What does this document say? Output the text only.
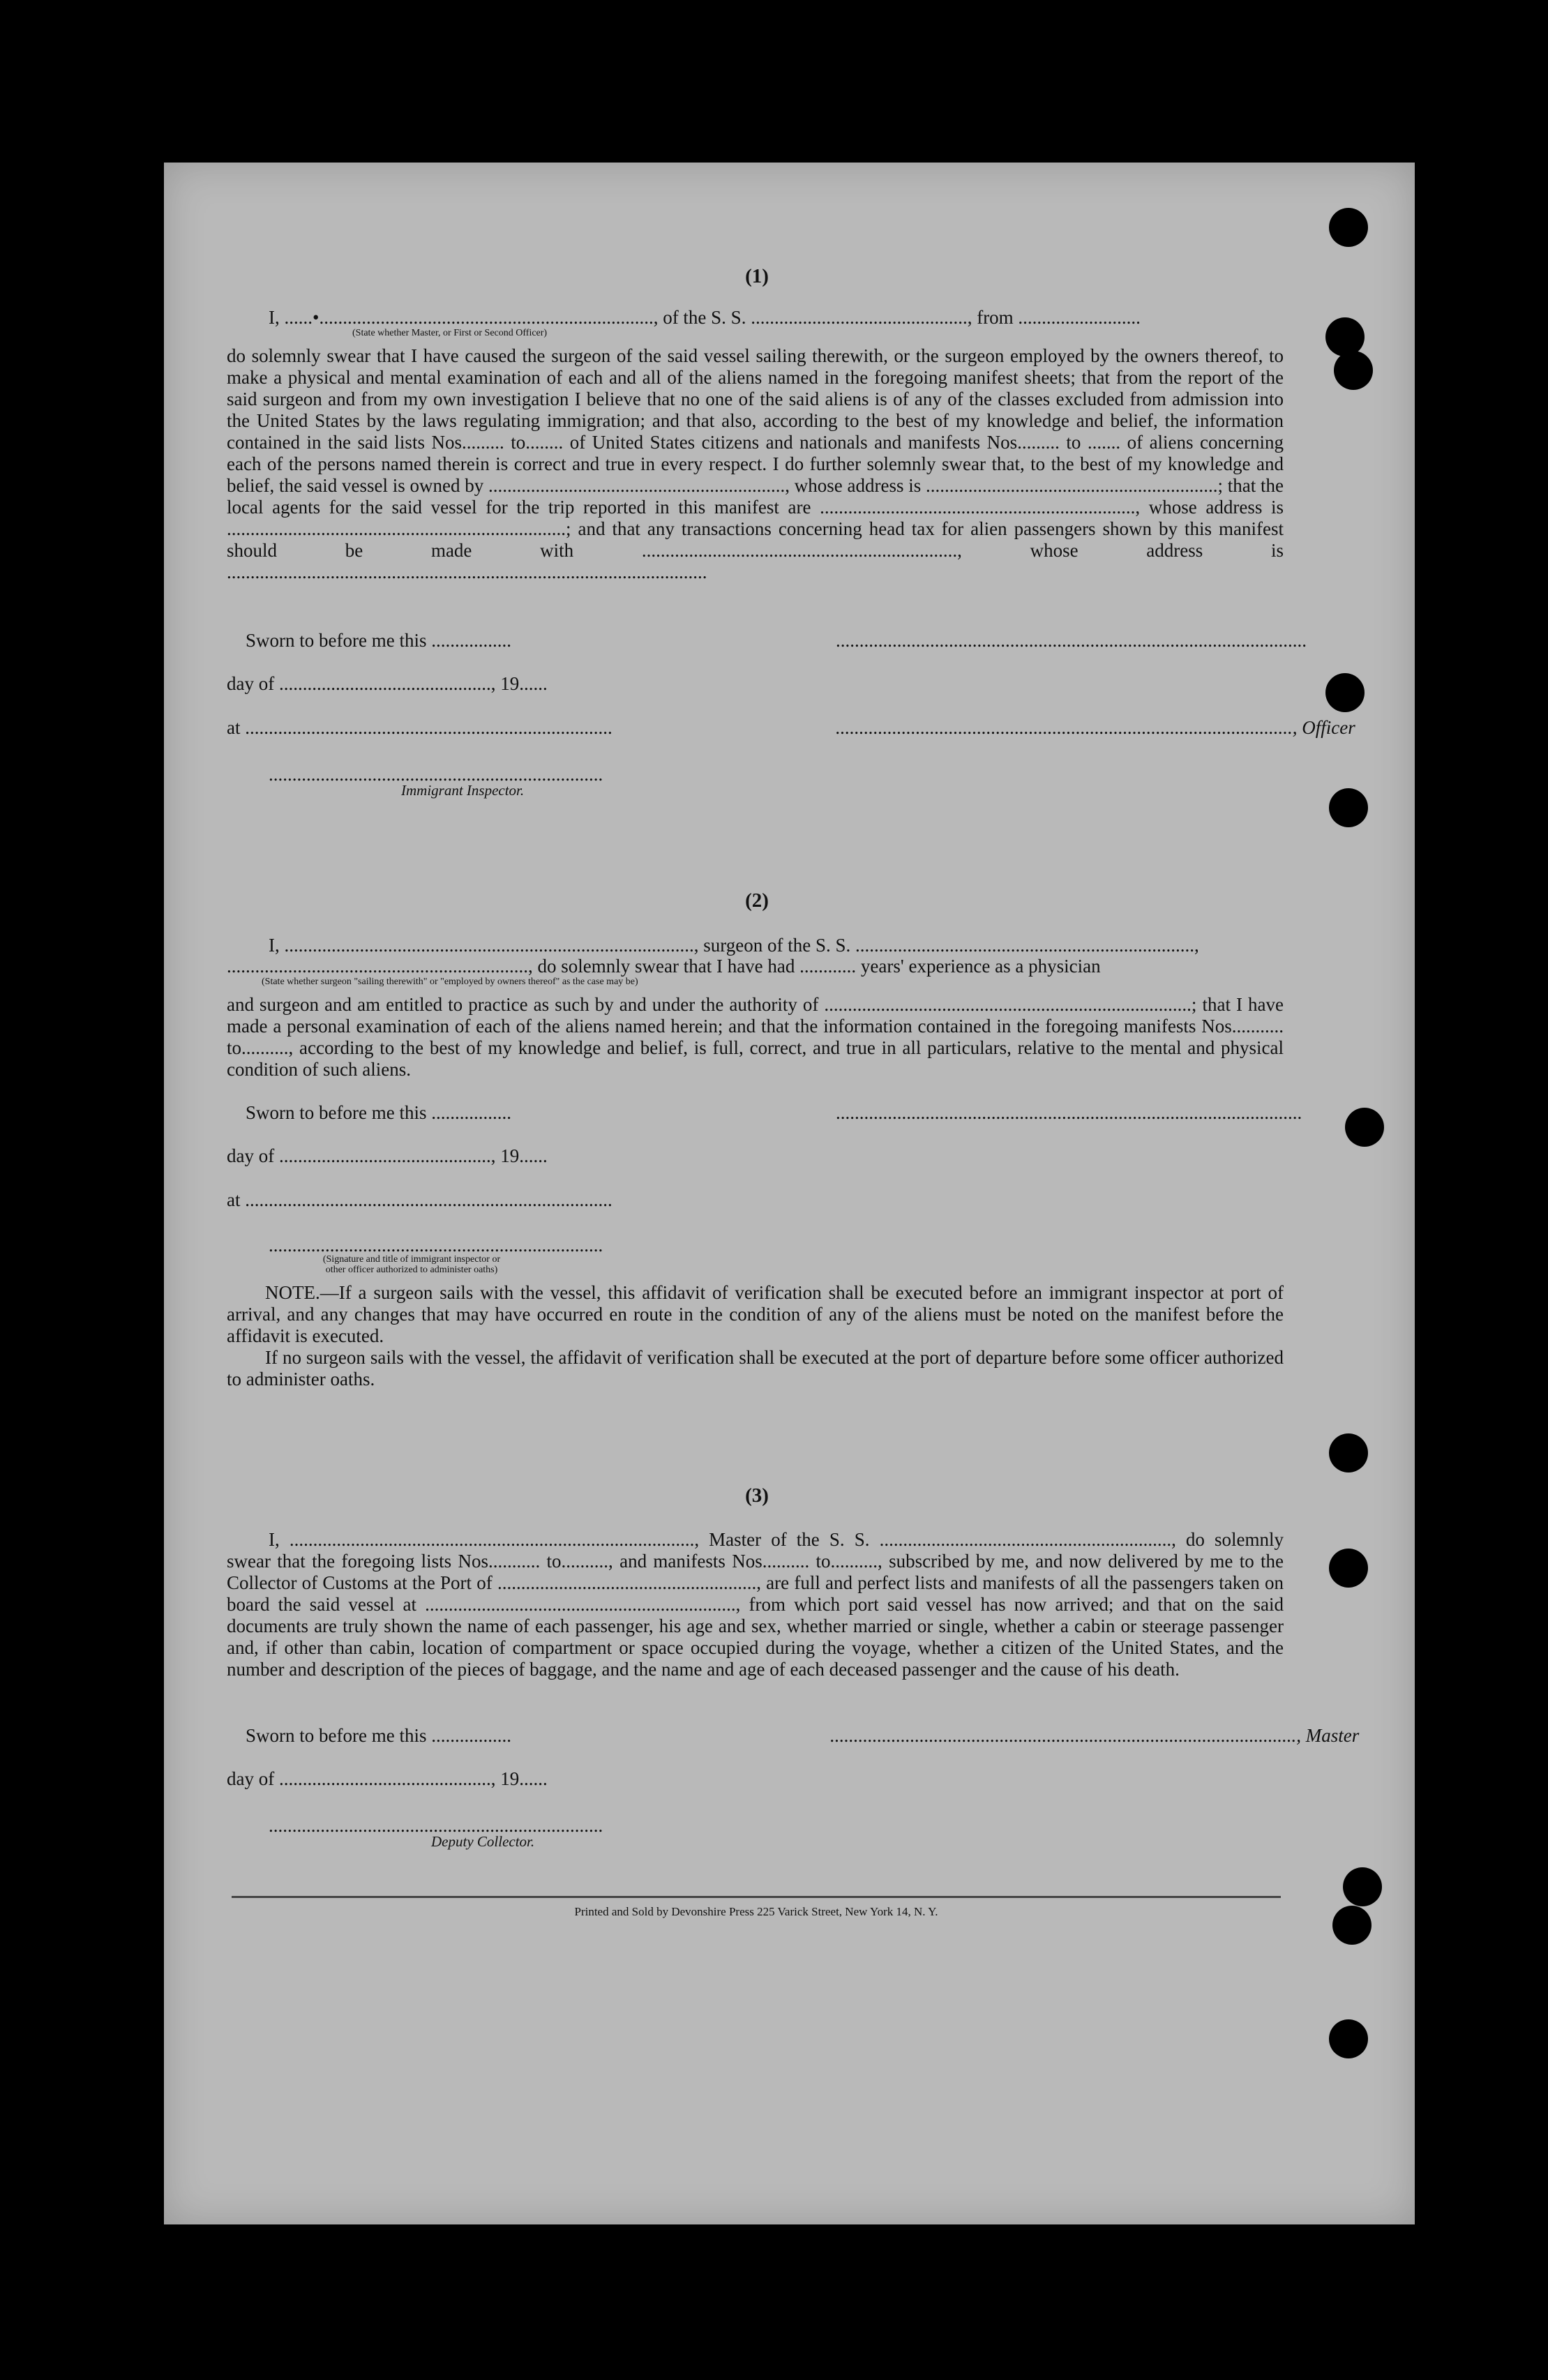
(1)
I, ......•......................................................................., of the S. S. .............................................., from ..........................
(State whether Master, or First or Second Officer)
do solemnly swear that I have caused the surgeon of the said vessel sailing therewith, or the surgeon employed by the owners thereof, to make a physical and mental examination of each and all of the aliens named in the foregoing manifest sheets; that from the report of the said surgeon and from my own investigation I believe that no one of the said aliens is of any of the classes excluded from admission into the United States by the laws regulating immigration; and that also, according to the best of my knowledge and belief, the information contained in the said lists Nos......... to........ of United States citizens and nationals and manifests Nos......... to ....... of aliens concerning each of the persons named therein is correct and true in every respect. I do further solemnly swear that, to the best of my knowledge and belief, the said vessel is owned by ..............................................................., whose address is ..............................................................; that the local agents for the said vessel for the trip reported in this manifest are ..................................................................., whose address is ........................................................................; and that any transactions concerning head tax for alien passengers shown by this manifest should be made with ..................................................................., whose address is ......................................................................................................
Sworn to before me this .................	....................................................................................................
day of ............................................., 19......
at ..............................................................................	................................................................................................., Officer
.......................................................................
Immigrant Inspector.
(2)
I, ......................................................................................., surgeon of the S. S. ........................................................................,
................................................................, do solemnly swear that I have had ............ years' experience as a physician
(State whether surgeon "sailing therewith" or "employed by owners thereof" as the case may be)
and surgeon and am entitled to practice as such by and under the authority of ..............................................................................; that I have made a personal examination of each of the aliens named herein; and that the information contained in the foregoing manifests Nos........... to.........., according to the best of my knowledge and belief, is full, correct, and true in all particulars, relative to the mental and physical condition of such aliens.
Sworn to before me this .................	...................................................................................................
day of ............................................., 19......
at ..............................................................................
.......................................................................
(Signature and title of immigrant inspector or
other officer authorized to administer oaths)
NOTE.—If a surgeon sails with the vessel, this affidavit of verification shall be executed before an immigrant inspector at port of arrival, and any changes that may have occurred en route in the condition of any of the aliens must be noted on the manifest before the affidavit is executed.
If no surgeon sails with the vessel, the affidavit of verification shall be executed at the port of departure before some officer authorized to administer oaths.
(3)
I, ......................................................................................, Master of the S. S. .............................................................., do solemnly swear that the foregoing lists Nos........... to.........., and manifests Nos.......... to.........., subscribed by me, and now delivered by me to the Collector of Customs at the Port of ......................................................., are full and perfect lists and manifests of all the passengers taken on board the said vessel at .................................................................., from which port said vessel has now arrived; and that on the said documents are truly shown the name of each passenger, his age and sex, whether married or single, whether a cabin or steerage passenger and, if other than cabin, location of compartment or space occupied during the voyage, whether a citizen of the United States, and the number and description of the pieces of baggage, and the name and age of each deceased passenger and the cause of his death.
Sworn to before me this .................	..................................................................................................., Master
day of ............................................., 19......
.......................................................................
Deputy Collector.
Printed and Sold by Devonshire Press 225 Varick Street, New York 14, N. Y.
